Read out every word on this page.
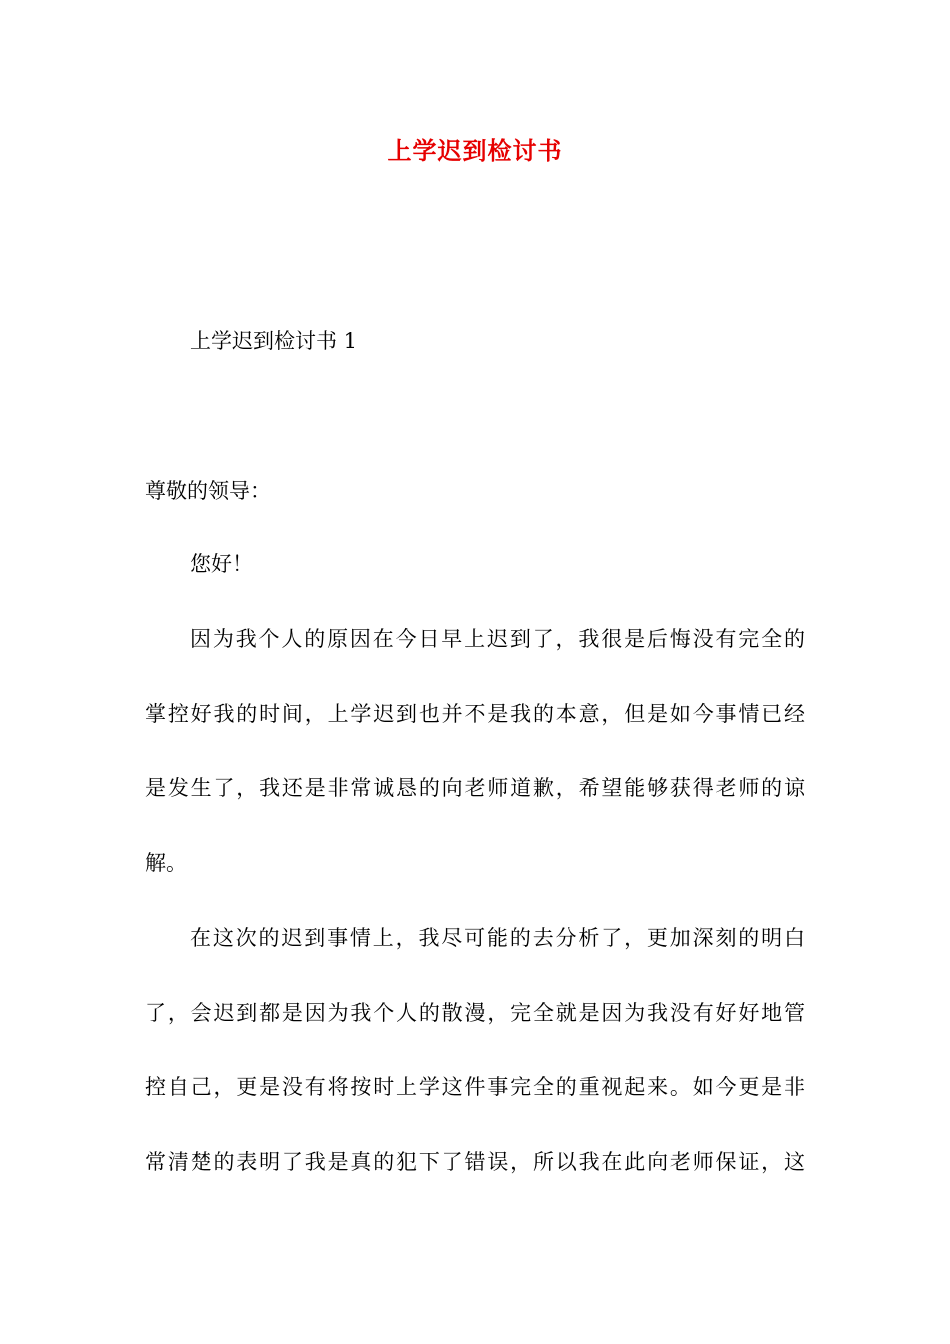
上学迟到检讨书
上学迟到检讨书 1
尊敬的领导：
您好！
因为我个人的原因在今日早上迟到了，我很是后悔没有完全的
掌控好我的时间，上学迟到也并不是我的本意，但是如今事情已经
是发生了，我还是非常诚恳的向老师道歉，希望能够获得老师的谅
解。
在这次的迟到事情上，我尽可能的去分析了，更加深刻的明白
了，会迟到都是因为我个人的散漫，完全就是因为我没有好好地管
控自己，更是没有将按时上学这件事完全的重视起来。如今更是非
常清楚的表明了我是真的犯下了错误，所以我在此向老师保证，这
